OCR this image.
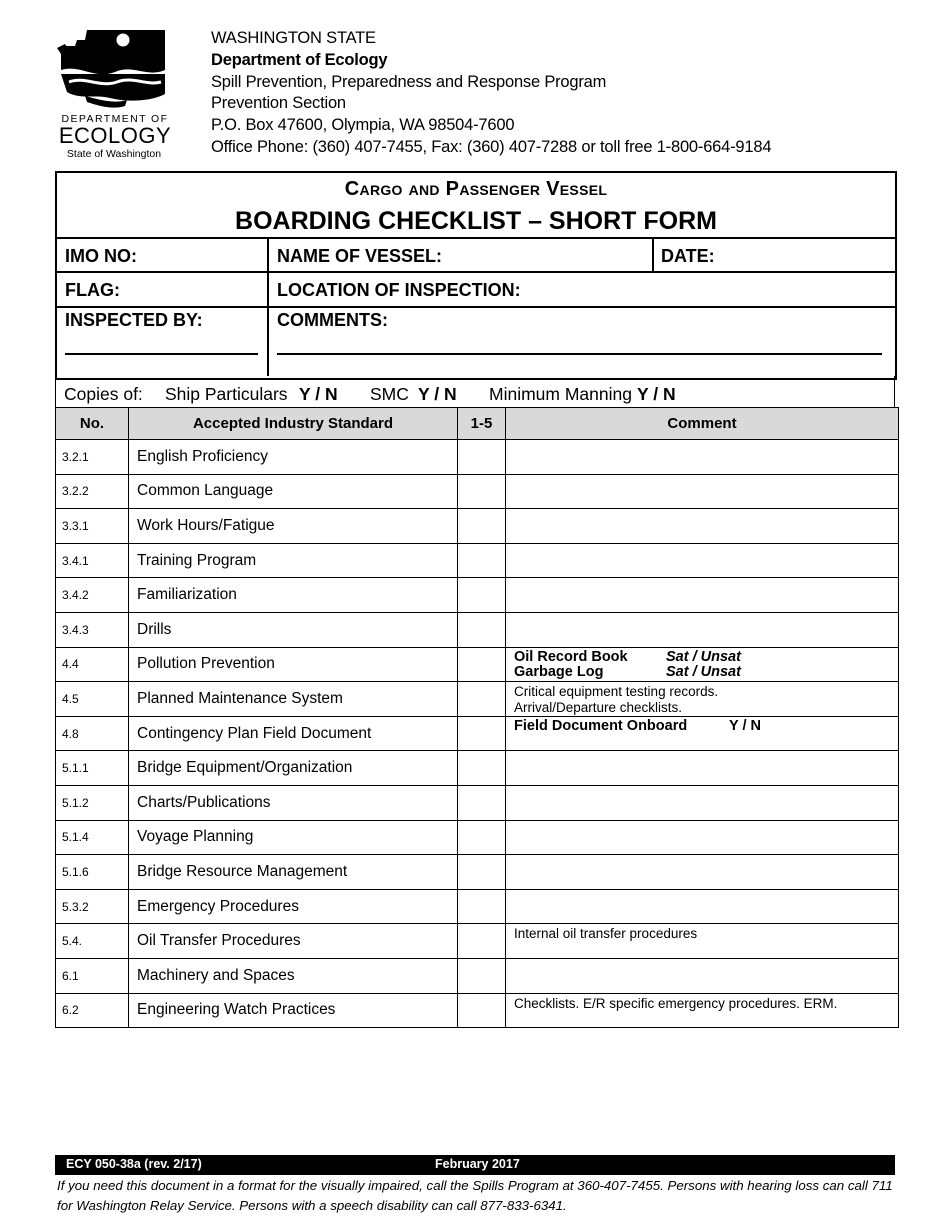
DEPARTMENT OF
ECOLOGY
State of Washington
WASHINGTON STATE
Department of Ecology
Spill Prevention, Preparedness and Response Program
Prevention Section
P.O. Box 47600, Olympia, WA 98504-7600
Office Phone: (360) 407-7455, Fax: (360) 407-7288 or toll free 1-800-664-9184
Cargo and Passenger Vessel
BOARDING CHECKLIST – SHORT FORM
IMO NO:	NAME OF VESSEL:	DATE:
FLAG:	LOCATION OF INSPECTION:
INSPECTED BY:	COMMENTS:
Copies of: Ship Particulars Y / N SMC Y / N Minimum Manning Y / N
No.	Accepted Industry Standard	1-5	Comment
3.2.1	English Proficiency		
3.2.2	Common Language		
3.3.1	Work Hours/Fatigue		
3.4.1	Training Program		
3.4.2	Familiarization		
3.4.3	Drills		
4.4	Pollution Prevention		Oil Record Book Sat / Unsat
Garbage Log Sat / Unsat

4.5	Planned Maintenance System		Critical equipment testing records.
Arrival/Departure checklists.

4.8	Contingency Plan Field Document		Field Document Onboard Y / N

5.1.1	Bridge Equipment/Organization		
5.1.2	Charts/Publications		
5.1.4	Voyage Planning		
5.1.6	Bridge Resource Management		
5.3.2	Emergency Procedures		
5.4.	Oil Transfer Procedures		Internal oil transfer procedures

6.1	Machinery and Spaces		
6.2	Engineering Watch Practices		Checklists. E/R specific emergency procedures. ERM.
ECY 050-38a (rev. 2/17)	February 2017
If you need this document in a format for the visually impaired, call the Spills Program at 360-407-7455. Persons with hearing loss can call 711 for Washington Relay Service. Persons with a speech disability can call 877-833-6341.
